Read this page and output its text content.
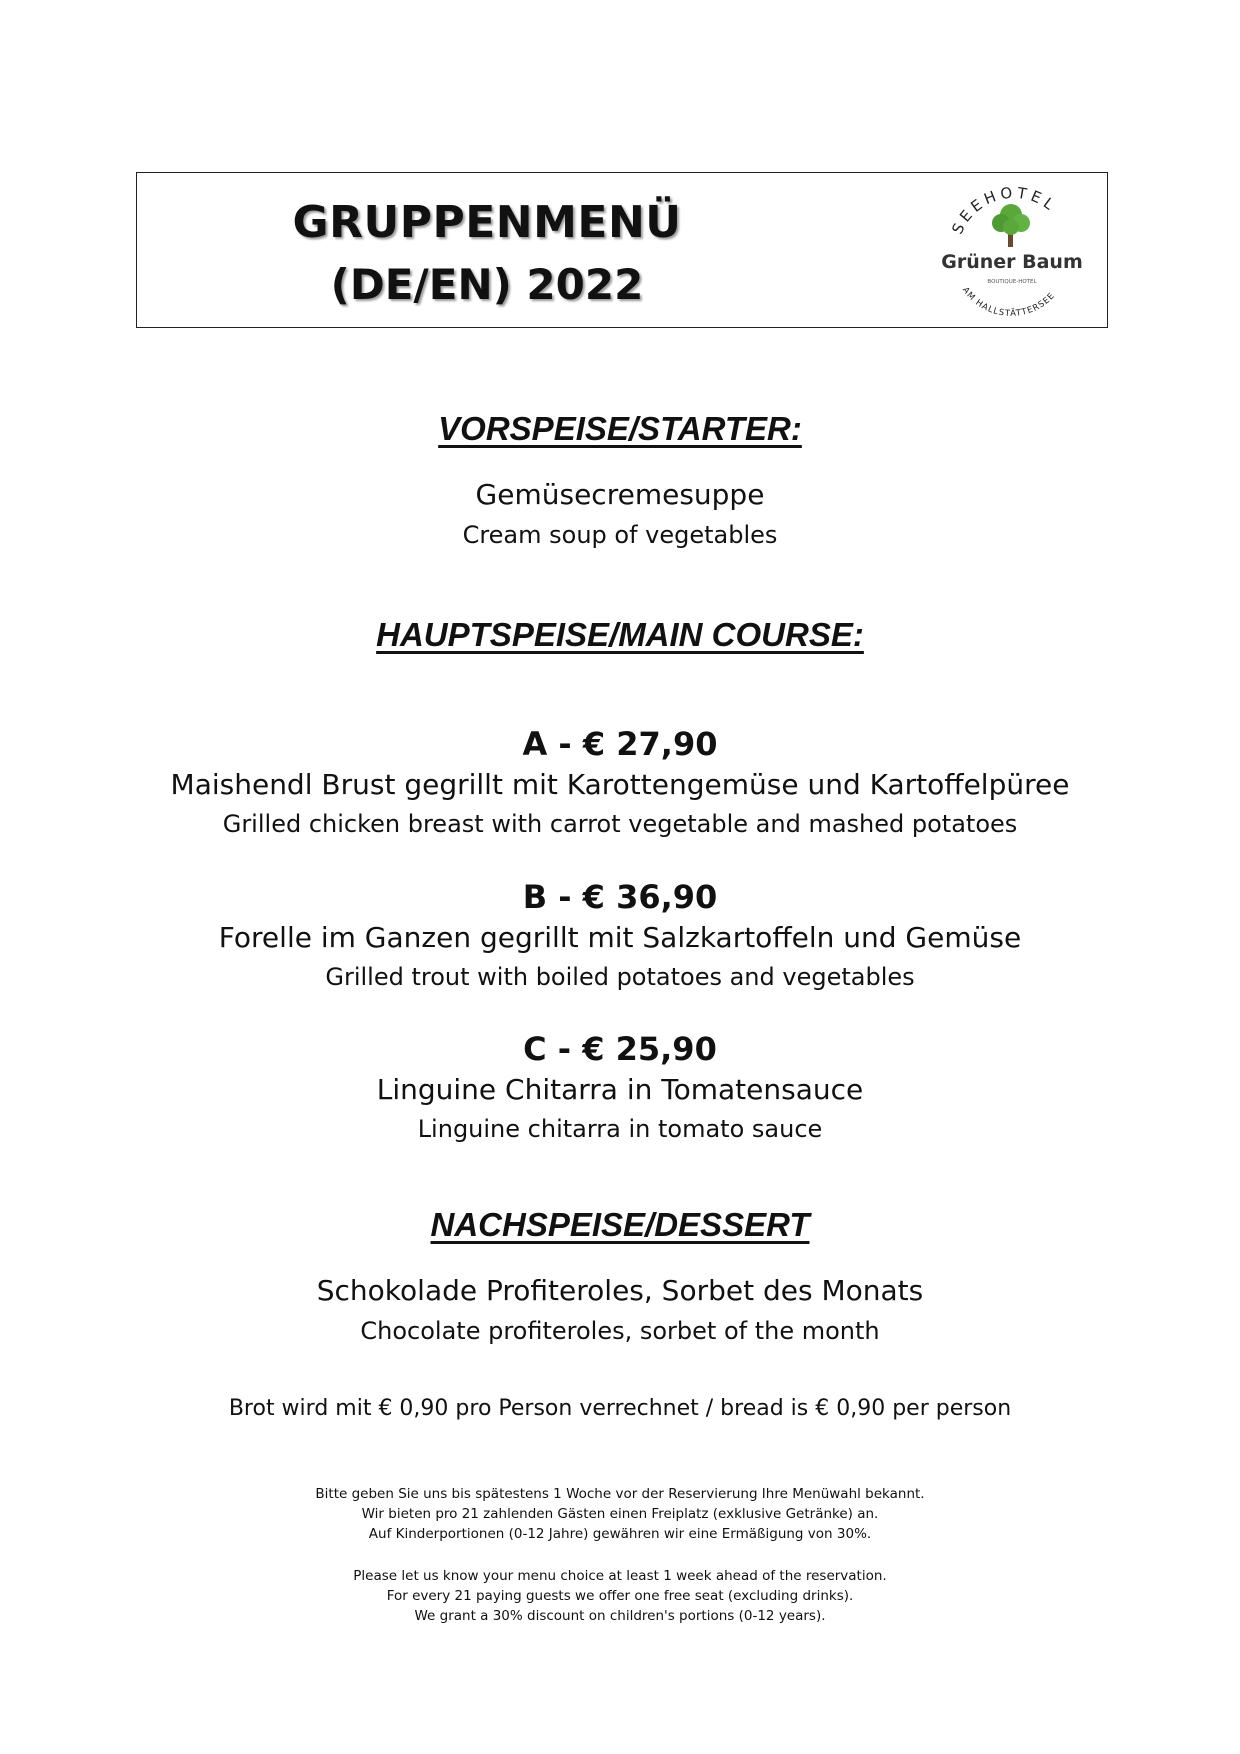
GRUPPENMENÜ
(DE/EN) 2022
SEEHOTEL
Grüner Baum
BOUTIQUE-HOTEL
AM HALLSTÄTTERSEE
VORSPEISE/STARTER:
Gemüsecremesuppe
Cream soup of vegetables
HAUPTSPEISE/MAIN COURSE:
A - € 27,90
Maishendl Brust gegrillt mit Karottengemüse und Kartoffelpüree
Grilled chicken breast with carrot vegetable and mashed potatoes
B - € 36,90
Forelle im Ganzen gegrillt mit Salzkartoffeln und Gemüse
Grilled trout with boiled potatoes and vegetables
C - € 25,90
Linguine Chitarra in Tomatensauce
Linguine chitarra in tomato sauce
NACHSPEISE/DESSERT
Schokolade Profiteroles, Sorbet des Monats
Chocolate profiteroles, sorbet of the month
Brot wird mit € 0,90 pro Person verrechnet / bread is € 0,90 per person
Bitte geben Sie uns bis spätestens 1 Woche vor der Reservierung Ihre Menüwahl bekannt.
Wir bieten pro 21 zahlenden Gästen einen Freiplatz (exklusive Getränke) an.
Auf Kinderportionen (0-12 Jahre) gewähren wir eine Ermäßigung von 30%.
Please let us know your menu choice at least 1 week ahead of the reservation.
For every 21 paying guests we offer one free seat (excluding drinks).
We grant a 30% discount on children's portions (0-12 years).
